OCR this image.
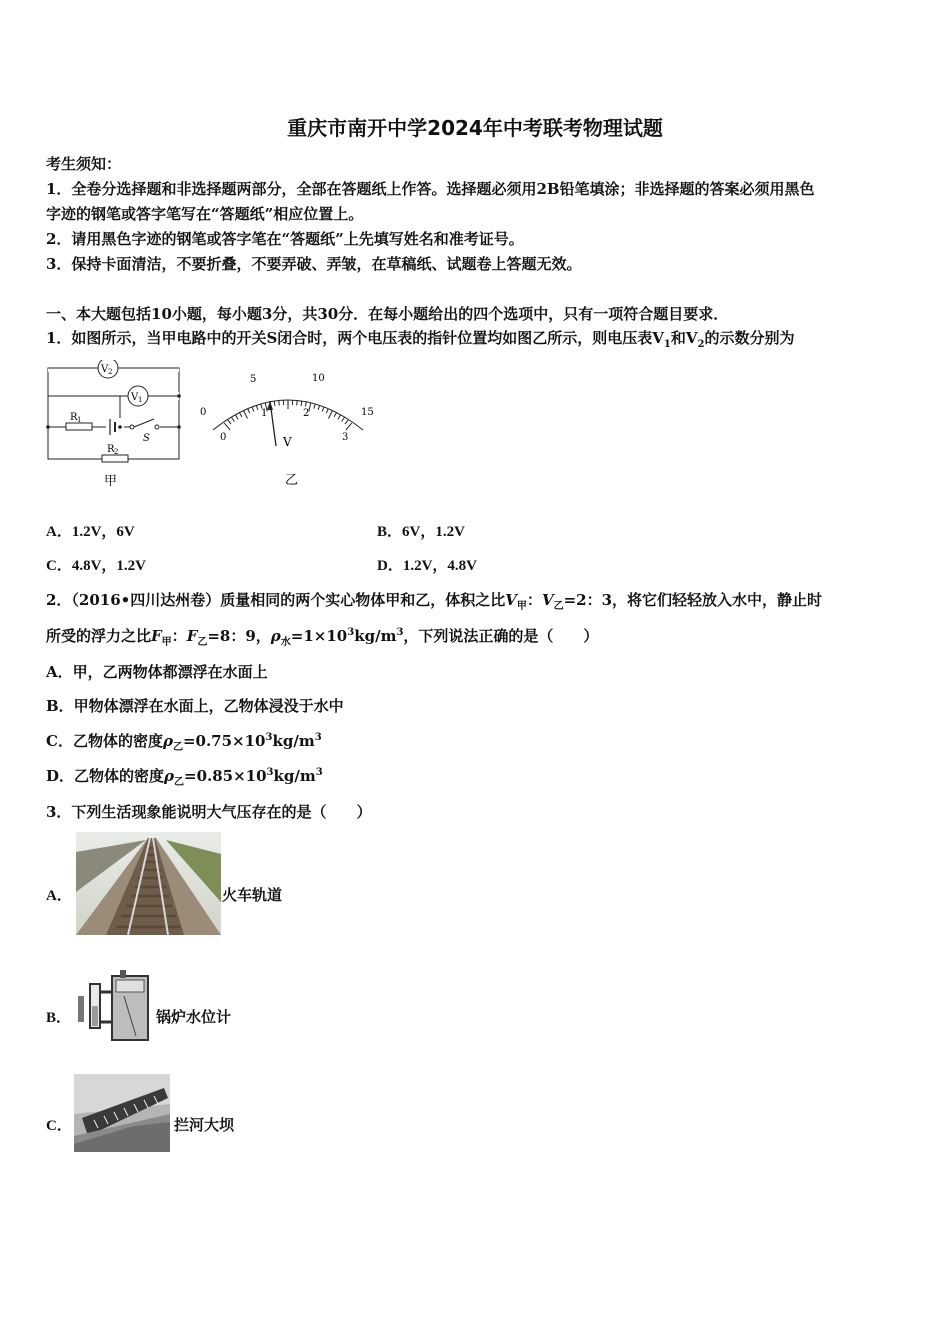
重庆市南开中学2024年中考联考物理试题
考生须知：
1．全卷分选择题和非选择题两部分，全部在答题纸上作答。选择题必须用2B铅笔填涂；非选择题的答案必须用黑色
字迹的钢笔或答字笔写在“答题纸”相应位置上。
2．请用黑色字迹的钢笔或答字笔在“答题纸”上先填写姓名和准考证号。
3．保持卡面清洁，不要折叠，不要弄破、弄皱，在草稿纸、试题卷上答题无效。
一、本大题包括10小题，每小题3分，共30分．在每小题给出的四个选项中，只有一项符合题目要求．
1．如图所示，当甲电路中的开关S闭合时，两个电压表的指针位置均如图乙所示，则电压表$V_1$和$V_2$的示数分别为
V 2
V 1
R 1
S
R 2
甲
0
5	10
15
0
1	2
3
V
乙
A．1.2V，6V	B．6V，1.2V
C．4.8V，1.2V	D．1.2V，4.8V
2．（2016•四川达州卷）质量相同的两个实心物体甲和乙，体积之比$V_甲$：$V_乙=2$：3，将它们轻轻放入水中，静止时
所受的浮力之比$F_甲$：$F_乙=8$：9，$\rho_水=1\times 10^3kg/m^3$，下列说法正确的是（　　）
A．甲，乙两物体都漂浮在水面上
B．甲物体漂浮在水面上，乙物体浸没于水中
C．乙物体的密度$\rho_乙=0.75\times 10^3kg/m^3$
D．乙物体的密度$\rho_乙=0.85\times 10^3kg/m^3$
3．下列生活现象能说明大气压存在的是（　　）
A．	火车轨道
B．	锅炉水位计
C．	拦河大坝
